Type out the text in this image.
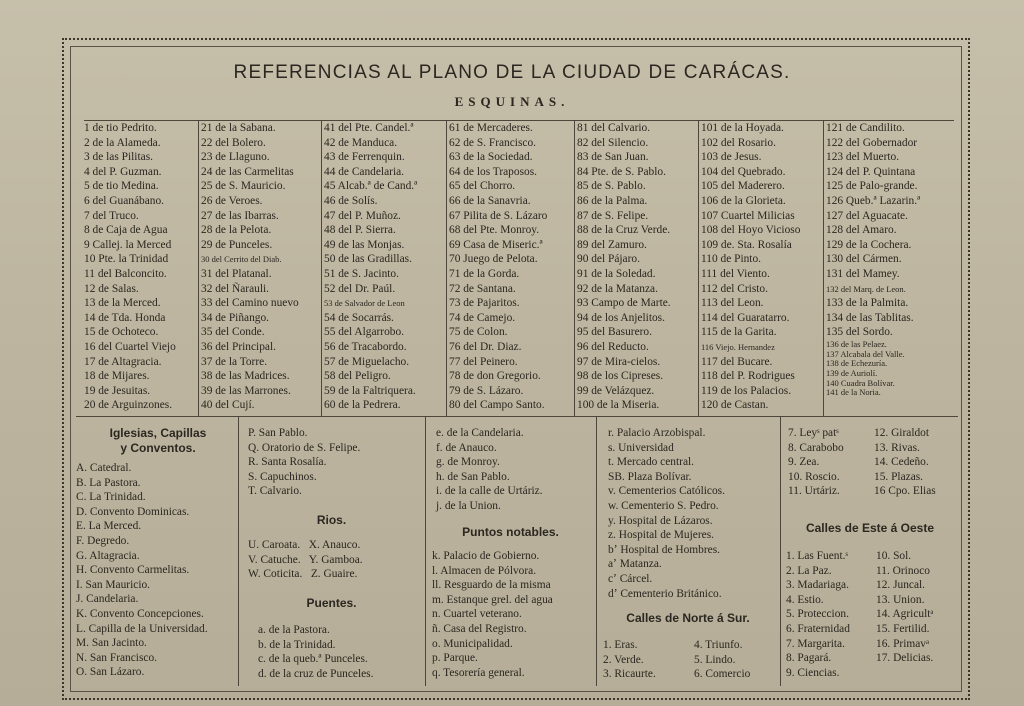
REFERENCIAS AL PLANO DE LA CIUDAD DE CARÁCAS.
ESQUINAS.
1 de tio Pedrito.
2 de la Alameda.
3 de las Pilitas.
4 del P. Guzman.
5 de tio Medina.
6 del Guanábano.
7 del Truco.
8 de Caja de Agua
9 Callej. la Merced
10 Pte. la Trinidad
11 del Balconcito.
12 de Salas.
13 de la Merced.
14 de Tda. Honda
15 de Ochoteco.
16 del Cuartel Viejo
17 de Altagracia.
18 de Mijares.
19 de Jesuitas.
20 de Arguinzones.
21 de la Sabana.
22 del Bolero.
23 de Llaguno.
24 de las Carmelitas
25 de S. Mauricio.
26 de Veroes.
27 de las Ibarras.
28 de la Pelota.
29 de Punceles.
30 del Cerrito del Diab.
31 del Platanal.
32 del Ñarauli.
33 del Camino nuevo
34 de Piñango.
35 del Conde.
36 del Principal.
37 de la Torre.
38 de las Madrices.
39 de las Marrones.
40 del Cují.
41 del Pte. Candel.ª
42 de Manduca.
43 de Ferrenquin.
44 de Candelaria.
45 Alcab.ª de Cand.ª
46 de Solís.
47 del P. Muñoz.
48 del P. Sierra.
49 de las Monjas.
50 de las Gradillas.
51 de S. Jacinto.
52 del Dr. Paúl.
53 de Salvador de Leon
54 de Socarrás.
55 del Algarrobo.
56 de Tracabordo.
57 de Miguelacho.
58 del Peligro.
59 de la Faltriquera.
60 de la Pedrera.
61 de Mercaderes.
62 de S. Francisco.
63 de la Sociedad.
64 de los Traposos.
65 del Chorro.
66 de la Sanavria.
67 Pilita de S. Lázaro
68 del Pte. Monroy.
69 Casa de Miseric.ª
70 Juego de Pelota.
71 de la Gorda.
72 de Santana.
73 de Pajaritos.
74 de Camejo.
75 de Colon.
76 del Dr. Diaz.
77 del Peinero.
78 de don Gregorio.
79 de S. Lázaro.
80 del Campo Santo.
81 del Calvario.
82 del Silencio.
83 de San Juan.
84 Pte. de S. Pablo.
85 de S. Pablo.
86 de la Palma.
87 de S. Felipe.
88 de la Cruz Verde.
89 del Zamuro.
90 del Pájaro.
91 de la Soledad.
92 de la Matanza.
93 Campo de Marte.
94 de los Anjelitos.
95 del Basurero.
96 del Reducto.
97 de Mira-cielos.
98 de los Cipreses.
99 de Velázquez.
100 de la Miseria.
101 de la Hoyada.
102 del Rosario.
103 de Jesus.
104 del Quebrado.
105 del Maderero.
106 de la Glorieta.
107 Cuartel Milicias
108 del Hoyo Vicioso
109 de. Sta. Rosalía
110 de Pinto.
111 del Viento.
112 del Cristo.
113 del Leon.
114 del Guaratarro.
115 de la Garita.
116 Viejo. Hernandez
117 del Bucare.
118 del P. Rodrigues
119 de los Palacios.
120 de Castan.
121 de Candilito.
122 del Gobernador
123 del Muerto.
124 del P. Quintana
125 de Palo-grande.
126 Queb.ª Lazarin.ª
127 del Aguacate.
128 del Amaro.
129 de la Cochera.
130 del Cármen.
131 del Mamey.
132 del Marq. de Leon.
133 de la Palmita.
134 de las Tablitas.
135 del Sordo.
136 de las Pelaez.
137 Alcabala del Valle.
138 de Echezuría.
139 de Auriolí.
140 Cuadra Bolívar.
141 de la Noria.
Iglesias, Capillas
y Conventos.
A. Catedral.
B. La Pastora.
C. La Trinidad.
D. Convento Dominicas.
E. La Merced.
F. Degredo.
G. Altagracia.
H. Convento Carmelitas.
I. San Mauricio.
J. Candelaria.
K. Convento Concepciones.
L. Capilla de la Universidad.
M. San Jacinto.
N. San Francisco.
O. San Lázaro.
P. San Pablo.
Q. Oratorio de S. Felipe.
R. Santa Rosalía.
S. Capuchinos.
T. Calvario.
Rios.
U. Caroata.   X. Anauco.
V. Catuche.   Y. Gamboa.
W. Coticita.   Z. Guaire.
Puentes.
a. de la Pastora.
b. de la Trinidad.
c. de la queb.ª Punceles.
d. de la cruz de Punceles.
e. de la Candelaria.
f. de Anauco.
g. de Monroy.
h. de San Pablo.
i. de la calle de Urtáriz.
j. de la Union.
Puntos notables.
k. Palacio de Gobierno.
l. Almacen de Pólvora.
ll. Resguardo de la misma
m. Estanque grel. del agua
n. Cuartel veterano.
ñ. Casa del Registro.
o. Municipalidad.
p. Parque.
q. Tesorería general.
r. Palacio Arzobispal.
s. Universidad
t. Mercado central.
SB. Plaza Bolívar.
v. Cementerios Católicos.
w. Cementerio S. Pedro.
y. Hospital de Lázaros.
z. Hospital de Mujeres.
bʼ Hospital de Hombres.
aʼ Matanza.
cʼ Cárcel.
dʼ Cementerio Británico.
Calles de Norte á Sur.
1. Eras.
2. Verde.
3. Ricaurte.
4. Triunfo.
5. Lindo.
6. Comercio
7. Leyˢ patˢ
8. Carabobo
9. Zea.
10. Roscio.
11. Urtáriz.
12. Giraldot
13. Rivas.
14. Cedeño.
15. Plazas.
16 Cpo. Elias
Calles de Este á Oeste
1. Las Fuent.ˢ
2. La Paz.
3. Madariaga.
4. Estio.
5. Proteccion.
6. Fraternidad
7. Margarita.
8. Pagará.
9. Ciencias.
10. Sol.
11. Orinoco
12. Juncal.
13. Union.
14. Agricultᵃ
15. Fertilid.
16. Primavᵃ
17. Delicias.
